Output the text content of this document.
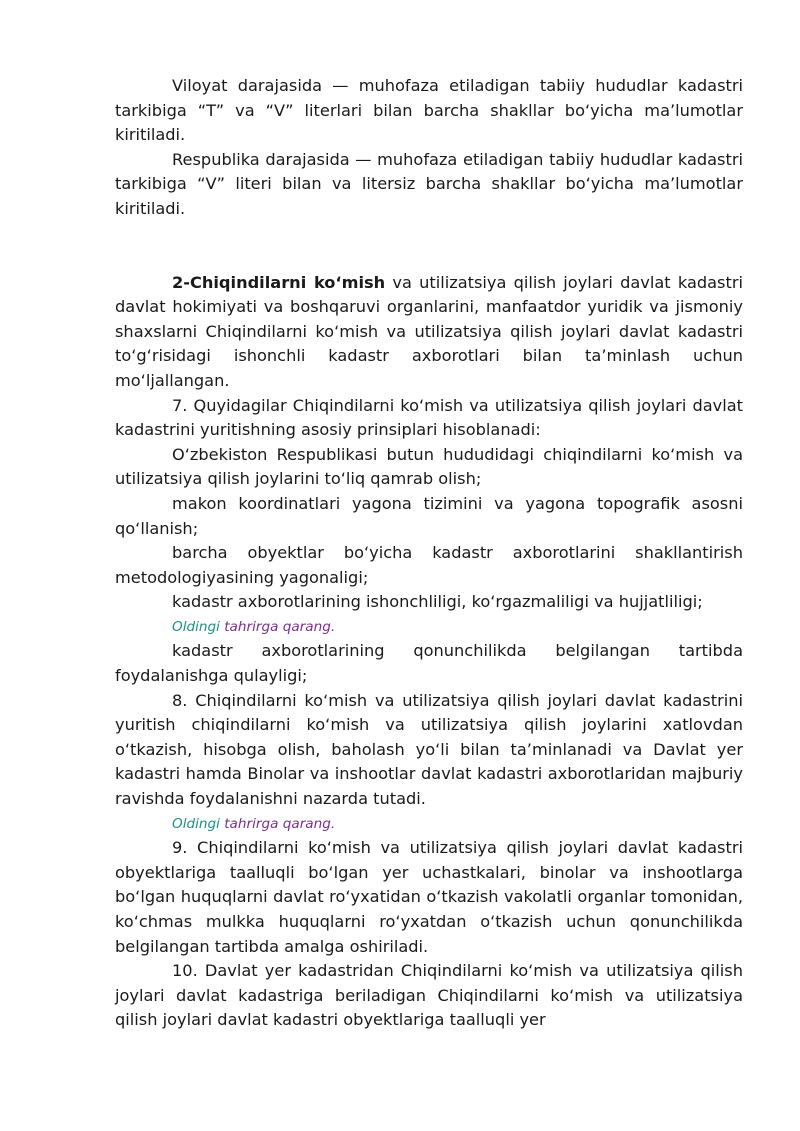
Viloyat darajasida — muhofaza etiladigan tabiiy hududlar kadastri tarkibiga “T” va “V” literlari bilan barcha shakllar bo‘yicha ma’lumotlar kiritiladi.

Respublika darajasida — muhofaza etiladigan tabiiy hududlar kadastri tarkibiga “V” literi bilan va litersiz barcha shakllar bo‘yicha ma’lumotlar kiritiladi.

2-Chiqindilarni ko‘mish va utilizatsiya qilish joylari davlat kadastri davlat hokimiyati va boshqaruvi organlarini, manfaatdor yuridik va jismoniy shaxslarni Chiqindilarni ko‘mish va utilizatsiya qilish joylari davlat kadastri to‘g‘risidagi ishonchli kadastr axborotlari bilan ta’minlash uchun mo‘ljallangan.

7. Quyidagilar Chiqindilarni ko‘mish va utilizatsiya qilish joylari davlat kadastrini yuritishning asosiy prinsiplari hisoblanadi:

O‘zbekiston Respublikasi butun hududidagi chiqindilarni ko‘mish va utilizatsiya qilish joylarini to‘liq qamrab olish;

makon koordinatlari yagona tizimini va yagona topografik asosni qo‘llanish;

barcha obyektlar bo‘yicha kadastr axborotlarini shakllantirish metodologiyasining yagonaligi;

kadastr axborotlarining ishonchliligi, ko‘rgazmaliligi va hujjatliligi;

Oldingi tahrirga qarang.

kadastr axborotlarining qonunchilikda belgilangan tartibda foydalanishga qulayligi;

8. Chiqindilarni ko‘mish va utilizatsiya qilish joylari davlat kadastrini yuritish chiqindilarni ko‘mish va utilizatsiya qilish joylarini xatlovdan o‘tkazish, hisobga olish, baholash yo‘li bilan ta’minlanadi va Davlat yer kadastri hamda Binolar va inshootlar davlat kadastri axborotlaridan majburiy ravishda foydalanishni nazarda tutadi.

Oldingi tahrirga qarang.

9. Chiqindilarni ko‘mish va utilizatsiya qilish joylari davlat kadastri obyektlariga taalluqli bo‘lgan yer uchastkalari, binolar va inshootlarga bo‘lgan huquqlarni davlat ro‘yxatidan o‘tkazish vakolatli organlar tomonidan, ko‘chmas mulkka huquqlarni ro‘yxatdan o‘tkazish uchun qonunchilikda belgilangan tartibda amalga oshiriladi.

10. Davlat yer kadastridan Chiqindilarni ko‘mish va utilizatsiya qilish joylari davlat kadastriga beriladigan Chiqindilarni ko‘mish va utilizatsiya qilish joylari davlat kadastri obyektlariga taalluqli yer
